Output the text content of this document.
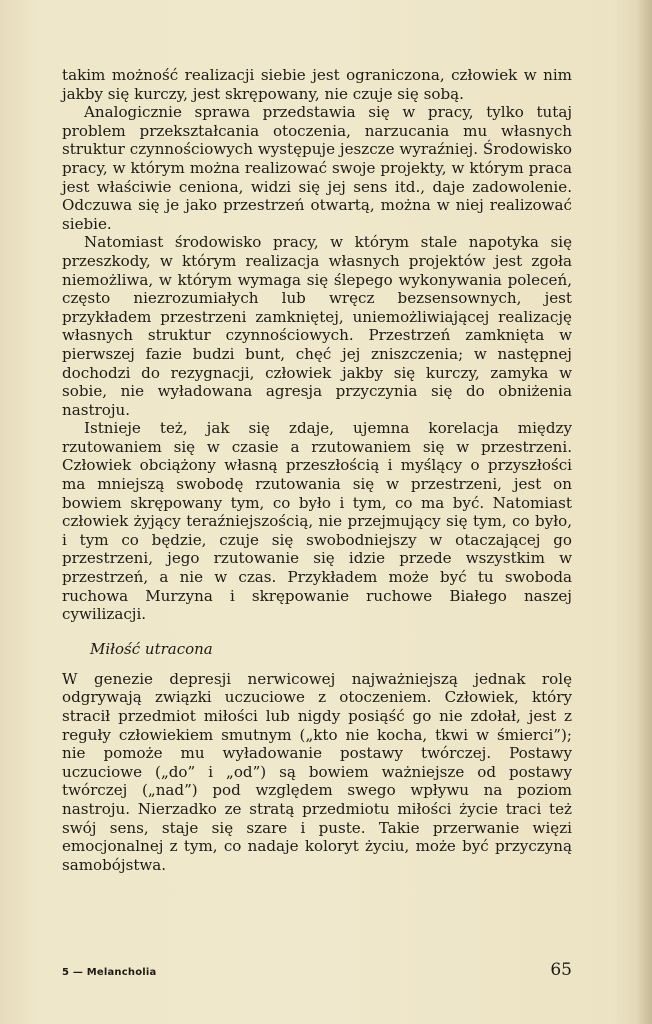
takim możność realizacji siebie jest ograniczona, człowiek w nim jakby się kurczy, jest skrępowany, nie czuje się sobą.

Analogicznie sprawa przedstawia się w pracy, tylko tutaj problem przekształcania otoczenia, narzucania mu własnych struktur czynnościowych występuje jeszcze wyraźniej. Środowisko pracy, w którym można realizować swoje projekty, w którym praca jest właściwie ceniona, widzi się jej sens itd., daje zadowolenie. Odczuwa się je jako przestrzeń otwartą, można w niej realizować siebie.

Natomiast środowisko pracy, w którym stale napotyka się przeszkody, w którym realizacja własnych projektów jest zgoła niemożliwa, w którym wymaga się ślepego wykonywania poleceń, często niezrozumiałych lub wręcz bezsensownych, jest przykładem przestrzeni zamkniętej, uniemożliwiającej realizację własnych struktur czynnościowych. Przestrzeń zamknięta w pierwszej fazie budzi bunt, chęć jej zniszczenia; w następnej dochodzi do rezygnacji, człowiek jakby się kurczy, zamyka w sobie, nie wyładowana agresja przyczynia się do obniżenia nastroju.

Istnieje też, jak się zdaje, ujemna korelacja między rzutowaniem się w czasie a rzutowaniem się w przestrzeni. Człowiek obciążony własną przeszłością i myślący o przyszłości ma mniejszą swobodę rzutowania się w przestrzeni, jest on bowiem skrępowany tym, co było i tym, co ma być. Natomiast człowiek żyjący teraźniejszością, nie przejmujący się tym, co było, i tym co będzie, czuje się swobodniejszy w otaczającej go przestrzeni, jego rzutowanie się idzie przede wszystkim w przestrzeń, a nie w czas. Przykładem może być tu swoboda ruchowa Murzyna i skrępowanie ruchowe Białego naszej cywilizacji.

Miłość utracona

W genezie depresji nerwicowej najważniejszą jednak rolę odgrywają związki uczuciowe z otoczeniem. Człowiek, który stracił przedmiot miłości lub nigdy posiąść go nie zdołał, jest z reguły człowiekiem smutnym („kto nie kocha, tkwi w śmierci”); nie pomoże mu wyładowanie postawy twórczej. Postawy uczuciowe („do” i „od”) są bowiem ważniejsze od postawy twórczej („nad”) pod względem swego wpływu na poziom nastroju. Nierzadko ze stratą przedmiotu miłości życie traci też swój sens, staje się szare i puste. Takie przerwanie więzi emocjonalnej z tym, co nadaje koloryt życiu, może być przyczyną samobójstwa.

5 — Melancholia	65
